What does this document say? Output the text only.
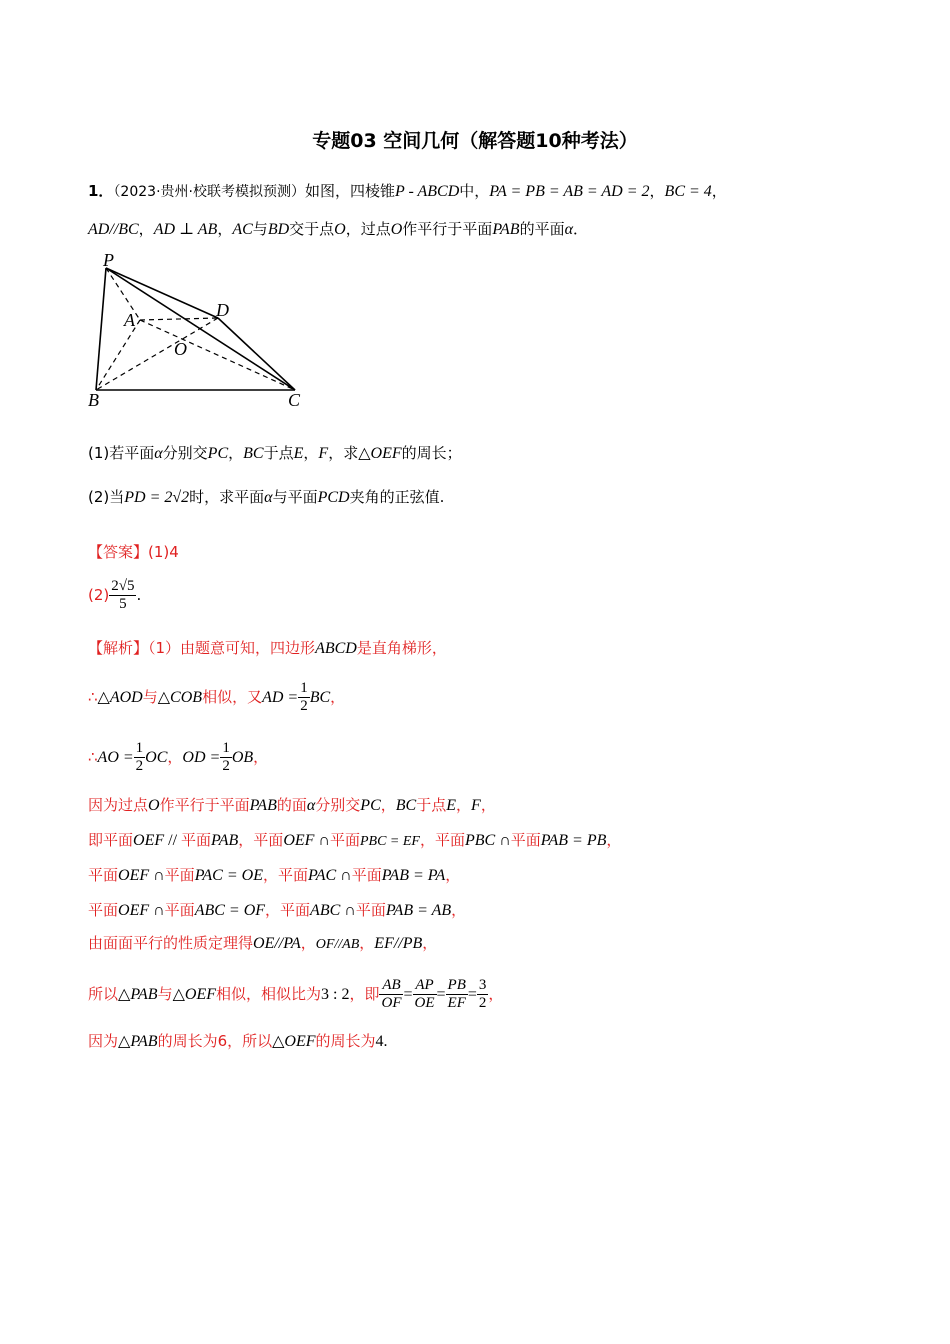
专题03 空间几何（解答题10种考法）
1．（2023·贵州·校联考模拟预测）如图，四棱锥P - ABCD中，PA = PB = AB = AD = 2，BC = 4，
AD//BC，AD ⊥ AB，AC与BD交于点O，过点O作平行于平面PAB的平面α．
P
A	D
O
B	C
(1)若平面α分别交PC，BC于点E，F，求△OEF的周长；
(2)当PD = 2√2时，求平面α与平面PCD夹角的正弦值.
【答案】(1)4
$(2) \frac{2√5}{5}$ .
【解析】（1）由题意可知，四边形ABCD是直角梯形，
∴△AOD与△COB相似，又AD = $\frac{1}{2}$ BC，
∴AO = $\frac{1}{2}$ OC，OD = $\frac{1}{2}$ OB，
因为过点O作平行于平面PAB的面α分别交PC，BC于点E，F，
即平面OEF // 平面PAB，平面OEF ∩平面PBC = EF，平面PBC ∩平面PAB = PB，
平面OEF ∩平面PAC = OE，平面PAC ∩平面PAB = PA，
平面OEF ∩平面ABC = OF，平面ABC ∩平面PAB = AB，
由面面平行的性质定理得OE//PA，OF//AB，EF//PB，
所以△PAB与△OEF相似，相似比为3 : 2，即 $\frac{AB}{OF} = \frac{AP}{OE} = \frac{PB}{EF} = \frac{3}{2}$ ，
因为△PAB的周长为6，所以△OEF的周长为4.
